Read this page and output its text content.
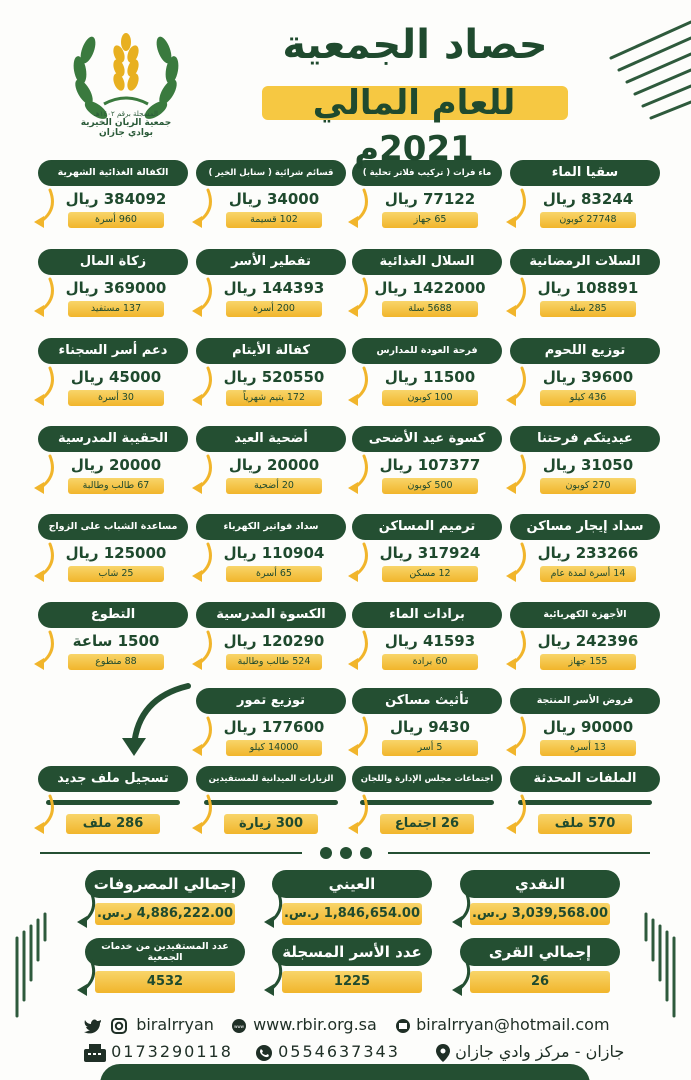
المسجلة برقم ١٤٠٢هـ
جمعية الريان الخيرية بوادي جازان
حصاد الجمعية
للعام المالي 2021م
سقيا الماء
83244 ريال
27748 كوبون
ماء فرات ( تركيب فلاتر تحلية )
77122 ريال
65 جهاز
قسائم شرائية ( سنابل الخير )
34000 ريال
102 قسيمة
الكفالة الغذائية الشهرية
384092 ريال
960 أسرة
السلات الرمضانية
108891 ريال
285 سلة
السلال الغذائية
1422000 ريال
5688 سلة
تفطير الأسر
144393 ريال
200 أسرة
زكاة المال
369000 ريال
137 مستفيد
توزيع اللحوم
39600 ريال
436 كيلو
فرحة العودة للمدارس
11500 ريال
100 كوبون
كفالة الأيتام
520550 ريال
172 يتيم شهرياً
دعم أسر السجناء
45000 ريال
30 أسرة
عيديتكم فرحتنا
31050 ريال
270 كوبون
كسوة عيد الأضحى
107377 ريال
500 كوبون
أضحية العيد
20000 ريال
20 أضحية
الحقيبة المدرسية
20000 ريال
67 طالب وطالبة
سداد إيجار مساكن
233266 ريال
14 أسرة لمدة عام
ترميم المساكن
317924 ريال
12 مسكن
سداد فواتير الكهرباء
110904 ريال
65 أسرة
مساعدة الشباب على الزواج
125000 ريال
25 شاب
الأجهزة الكهربائية
242396 ريال
155 جهاز
برادات الماء
41593 ريال
60 برادة
الكسوة المدرسية
120290 ريال
524 طالب وطالبة
التطوع
1500 ساعة
88 متطوع
قروض الأسر المنتجة
90000 ريال
13 أسرة
تأثيث مساكن
9430 ريال
5 أسر
توزيع تمور
177600 ريال
14000 كيلو
الملفات المحدثة
570 ملف
اجتماعات مجلس الإدارة واللجان
26 اجتماع
الزيارات الميدانية للمستفيدين
300 زيارة
تسجيل ملف جديد
286 ملف
النقدي
3,039,568.00 ر.س.
العيني
1,846,654.00 ر.س.
إجمالي المصروفات
4,886,222.00 ر.س.
إجمالي القرى
26
عدد الأسر المسجلة
1225
عدد المستفيدين من خدمات الجمعية
4532
biralrryan	www www.rbir.org.sa	biralrryan@hotmail.com
0173290118	0554637343	جازان - مركز وادي جازان
